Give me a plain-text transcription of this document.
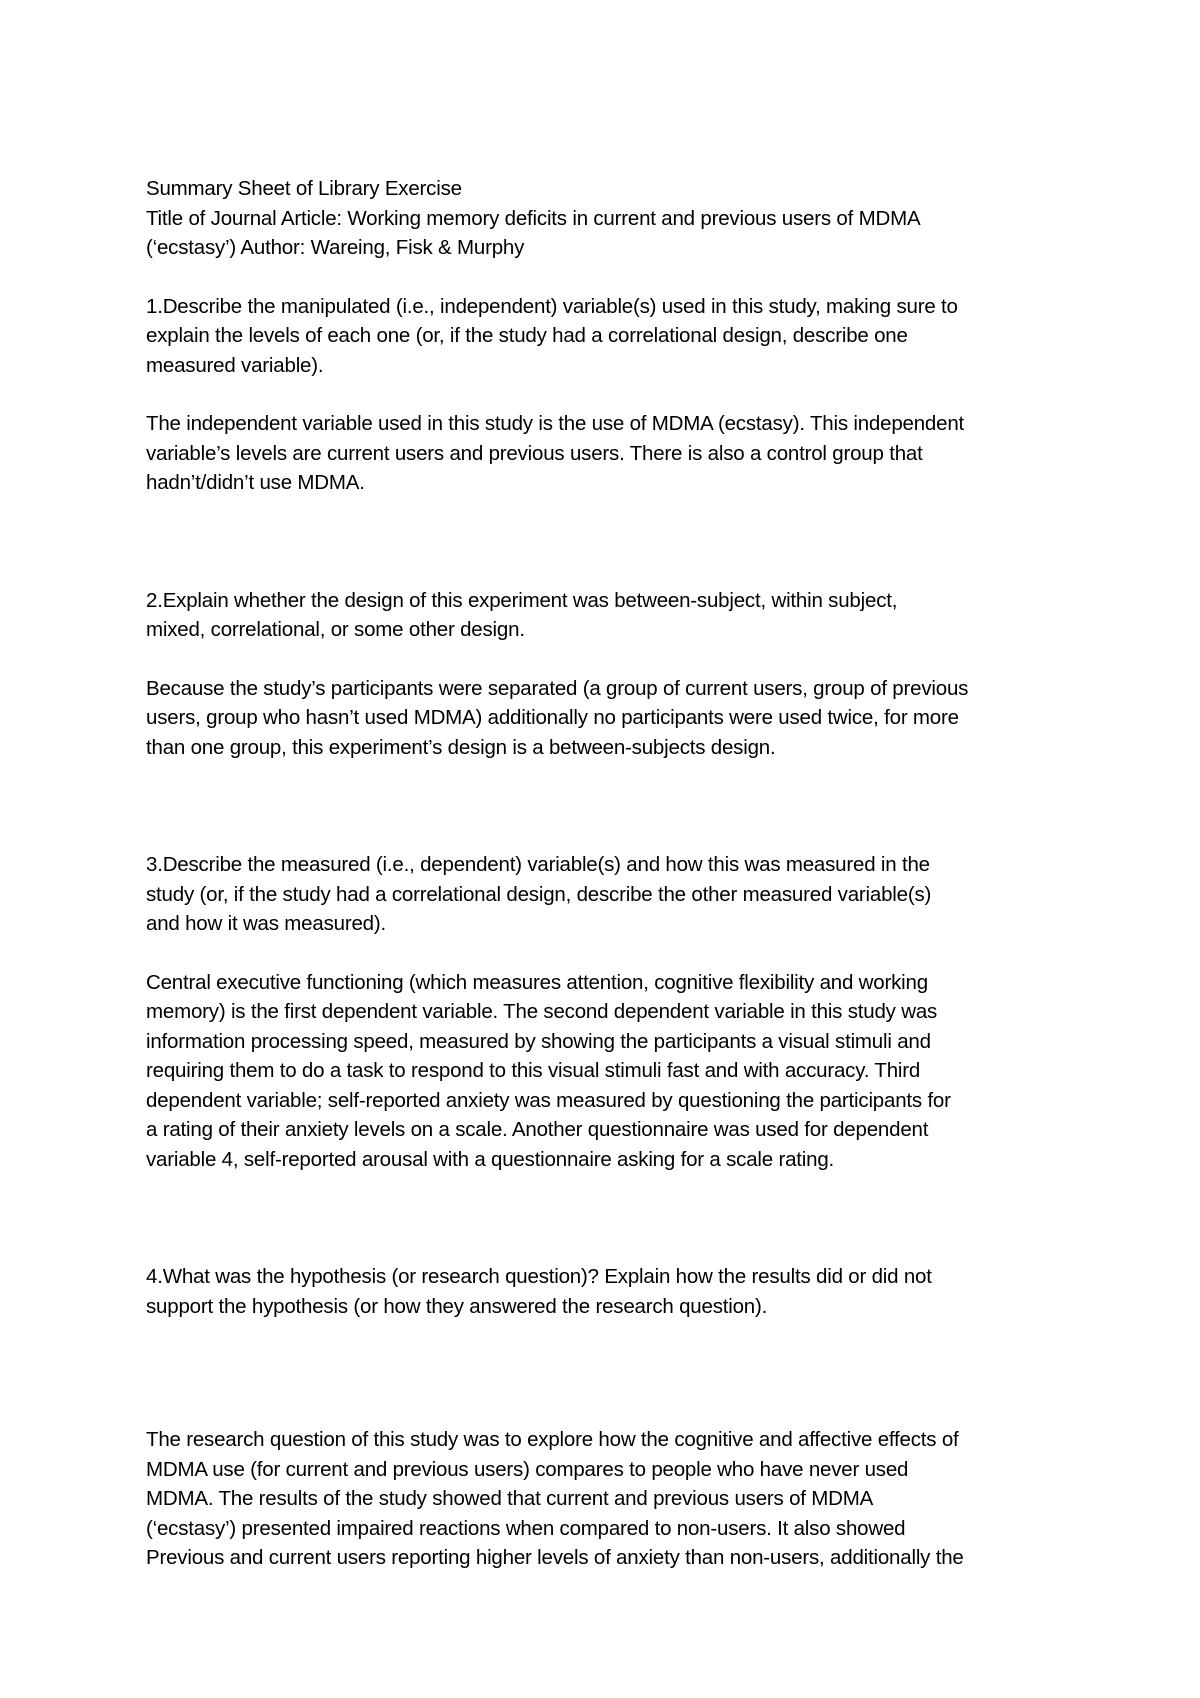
Summary Sheet of Library Exercise

Title of Journal Article: Working memory deficits in current and previous users of MDMA

(‘ecstasy’) Author: Wareing, Fisk & Murphy

1.Describe the manipulated (i.e., independent) variable(s) used in this study, making sure to

explain the levels of each one (or, if the study had a correlational design, describe one

measured variable).

The independent variable used in this study is the use of MDMA (ecstasy). This independent

variable’s levels are current users and previous users. There is also a control group that

hadn’t/didn’t use MDMA.

2.Explain whether the design of this experiment was between-subject, within subject,

mixed, correlational, or some other design.

Because the study’s participants were separated (a group of current users, group of previous

users, group who hasn’t used MDMA) additionally no participants were used twice, for more

than one group, this experiment’s design is a between-subjects design.

3.Describe the measured (i.e., dependent) variable(s) and how this was measured in the

study (or, if the study had a correlational design, describe the other measured variable(s)

and how it was measured).

Central executive functioning (which measures attention, cognitive flexibility and working

memory) is the first dependent variable. The second dependent variable in this study was

information processing speed, measured by showing the participants a visual stimuli and

requiring them to do a task to respond to this visual stimuli fast and with accuracy. Third

dependent variable; self-reported anxiety was measured by questioning the participants for

a rating of their anxiety levels on a scale. Another questionnaire was used for dependent

variable 4, self-reported arousal with a questionnaire asking for a scale rating.

4.What was the hypothesis (or research question)? Explain how the results did or did not

support the hypothesis (or how they answered the research question).

The research question of this study was to explore how the cognitive and affective effects of

MDMA use (for current and previous users) compares to people who have never used

MDMA. The results of the study showed that current and previous users of MDMA

(‘ecstasy’) presented impaired reactions when compared to non-users. It also showed

Previous and current users reporting higher levels of anxiety than non-users, additionally the
